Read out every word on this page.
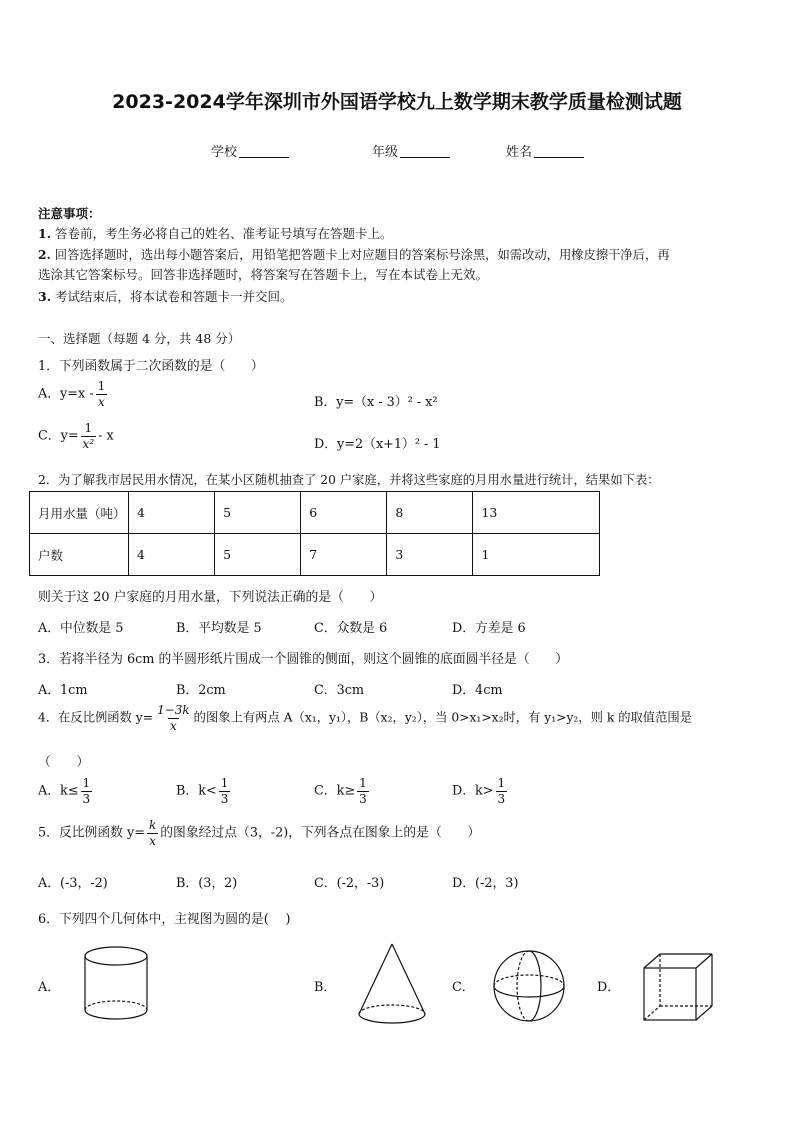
2023-2024学年深圳市外国语学校九上数学期末教学质量检测试题
学校	年级	姓名
注意事项：
1. 答卷前，考生务必将自己的姓名、准考证号填写在答题卡上。
2. 回答选择题时，选出每小题答案后，用铅笔把答题卡上对应题目的答案标号涂黑，如需改动，用橡皮擦干净后，再
选涂其它答案标号。回答非选择题时，将答案写在答题卡上，写在本试卷上无效。
3. 考试结束后，将本试卷和答题卡一并交回。
一、选择题（每题 4 分，共 48 分）
1．下列函数属于二次函数的是（　　）
A．$y=x - \frac{1}{x}$	B．y=（x - 3）² - x²
C．$y= \frac{1}{\text{x²}} - x$
D．y=2（x+1）² - 1
2．为了解我市居民用水情况，在某小区随机抽查了 20 户家庭，并将这些家庭的月用水量进行统计，结果如下表：
月用水量（吨）	4	5	6	8	13
户数	4	5	7	3	1
则关于这 20 户家庭的月用水量，下列说法正确的是（　　）
A．中位数是 5	B．平均数是 5	C．众数是 6	D．方差是 6
3．若将半径为 6cm 的半圆形纸片围成一个圆锥的侧面，则这个圆锥的底面圆半径是（　　）
A．1cm	B．2cm	C．3cm	D．4cm
4．在反比例函数 $y= \frac{1-3k}{x}$ 的图象上有两点 A（x₁，y₁），B（x₂，y₂），当 0>x₁>x₂时，有 y₁>y₂，则 k 的取值范围是
（　　）
A．$k\le \frac{1}{3}$	B．$k< \frac{1}{3}$	C．$k\ge \frac{1}{3}$	D．$k> \frac{1}{3}$
5．反比例函数 $y= \frac{k}{x}$ 的图象经过点（3，-2)，下列各点在图象上的是（　　）
A．(-3，-2)	B．(3，2)	C．(-2，-3)	D．(-2，3)
6．下列四个几何体中，主视图为圆的是(　 )
A．	B．	C．	D．
